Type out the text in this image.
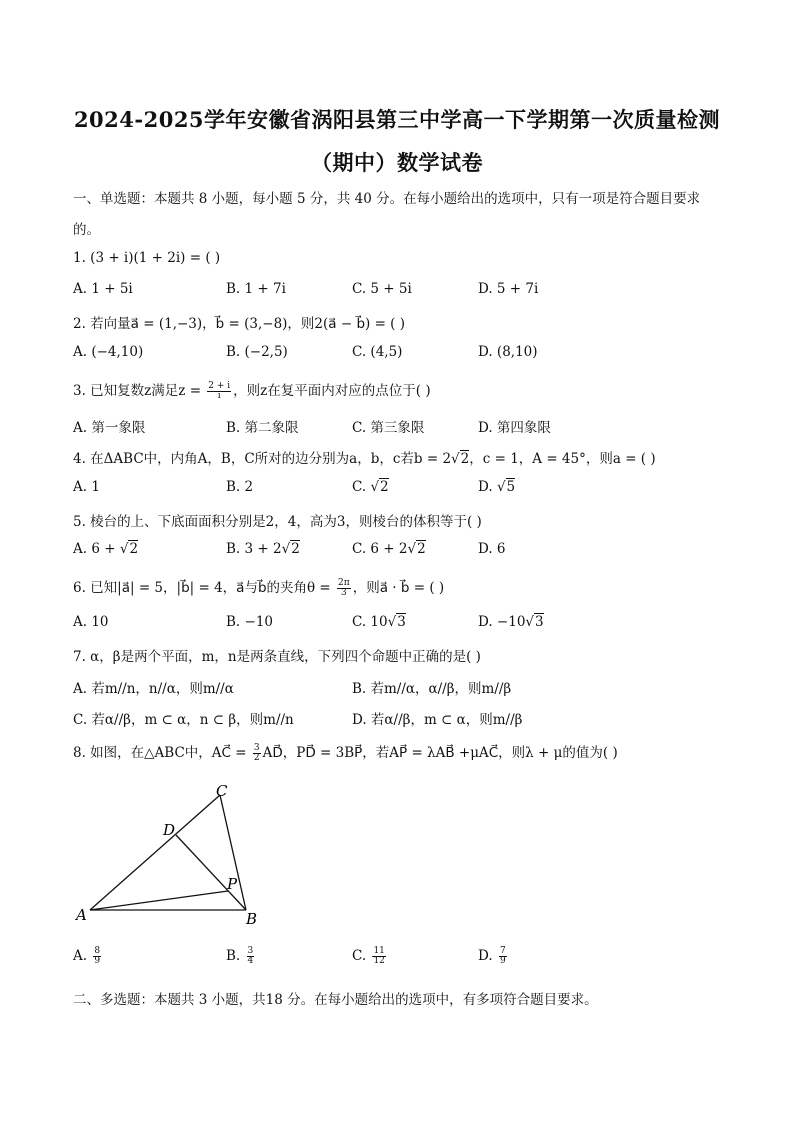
2024-2025学年安徽省涡阳县第三中学高一下学期第一次质量检测
（期中）数学试卷
一、单选题：本题共 8 小题，每小题 5 分，共 40 分。在每小题给出的选项中，只有一项是符合题目要求
的。
1. (3 + i)(1 + 2i) = ( )
A. 1 + 5i	B. 1 + 7i	C. 5 + 5i	D. 5 + 7i
2. 若向量a⃗ = (1,−3)，b⃗ = (3,−8)，则2(a⃗ − b⃗) = ( )
A. (−4,10)	B. (−2,5)	C. (4,5)	D. (8,10)
3. 已知复数z满足$z = \frac{2 + i}{i}$ ，则z在复平面内对应的点位于( )
A. 第一象限	B. 第二象限	C. 第三象限	D. 第四象限
4. 在ΔABC中，内角A，B，C所对的边分别为a，b，c若b = 2√2，c = 1，A = 45°，则a = ( )
A. 1	B. 2	C. √2	D. √5
5. 棱台的上、下底面面积分别是2，4，高为3，则棱台的体积等于( )
A. 6 + √2	B. 3 + 2√2	C. 6 + 2√2	D. 6
6. 已知|a⃗| = 5，|b⃗| = 4，a⃗与b⃗的夹角$\theta = \frac{2\pi}{3}$ ，则a⃗ · b⃗ = ( )
A. 10	B. −10	C. 10√3	D. −10√3
7. α，β是两个平面，m，n是两条直线，下列四个命题中正确的是( )
A. 若m//n，n//α，则m//α	B. 若m//α，α//β，则m//β
C. 若α//β，m ⊂ α，n ⊂ β，则m//n	D. 若α//β，m ⊂ α，则m//β
8. 如图，在△ABC中，AC⃗ = $\frac{3}{2}$ AD⃗，PD⃗ = 3BP⃗，若AP⃗ = λAB⃗ +μAC⃗，则λ + μ的值为( )
C
D
P
A	B
A. $\frac{8}{9}$	B. $\frac{3}{4}$	C. $\frac{11}{12}$	D. $\frac{7}{9}$
二、多选题：本题共 3 小题，共18 分。在每小题给出的选项中，有多项符合题目要求。
